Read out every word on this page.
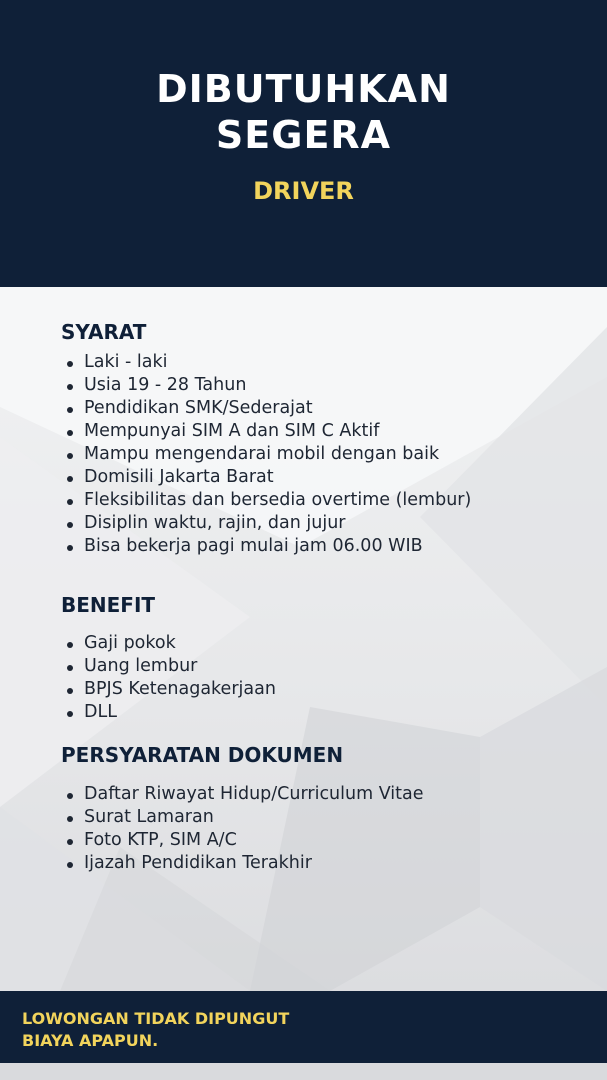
DIBUTUHKAN
SEGERA
DRIVER
SYARAT
Laki - laki
Usia 19 - 28 Tahun
Pendidikan SMK/Sederajat
Mempunyai SIM A dan SIM C Aktif
Mampu mengendarai mobil dengan baik
Domisili Jakarta Barat
Fleksibilitas dan bersedia overtime (lembur)
Disiplin waktu, rajin, dan jujur
Bisa bekerja pagi mulai jam 06.00 WIB
BENEFIT
Gaji pokok
Uang lembur
BPJS Ketenagakerjaan
DLL
PERSYARATAN DOKUMEN
Daftar Riwayat Hidup/Curriculum Vitae
Surat Lamaran
Foto KTP, SIM A/C
Ijazah Pendidikan Terakhir
LOWONGAN TIDAK DIPUNGUT
BIAYA APAPUN.
